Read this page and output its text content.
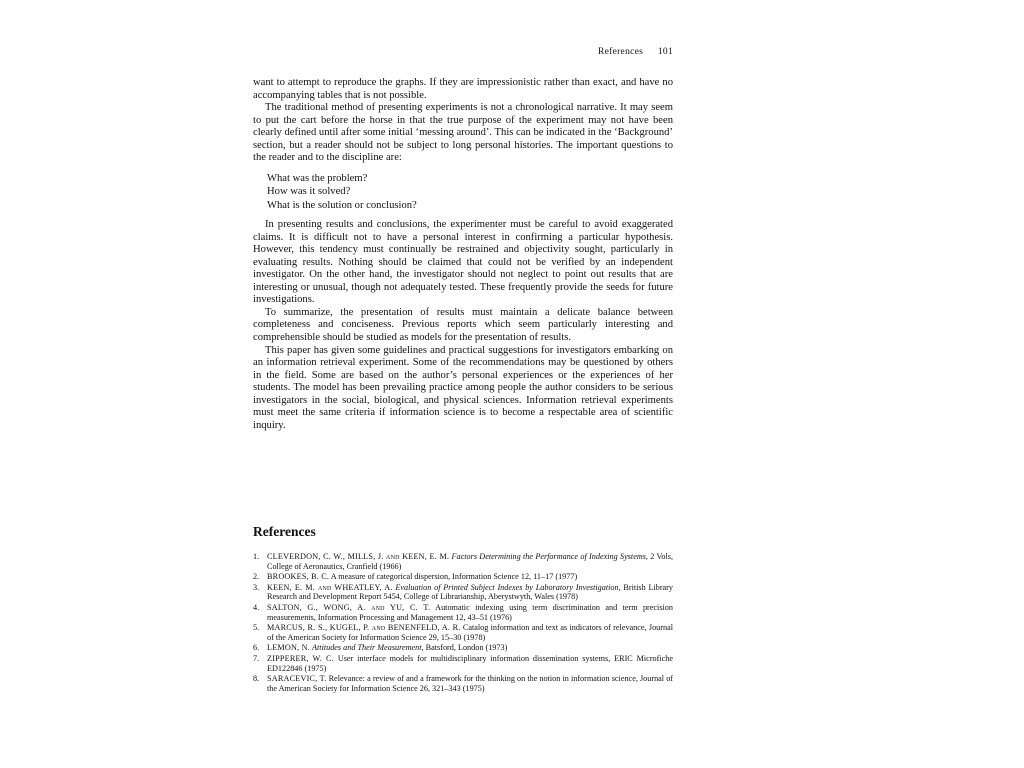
References 101

want to attempt to reproduce the graphs. If they are impressionistic rather than exact, and have no accompanying tables that is not possible.

The traditional method of presenting experiments is not a chronological narrative. It may seem to put the cart before the horse in that the true purpose of the experiment may not have been clearly defined until after some initial ‘messing around’. This can be indicated in the ‘Background’ section, but a reader should not be subject to long personal histories. The important questions to the reader and to the discipline are:

What was the problem?
How was it solved?
What is the solution or conclusion?

In presenting results and conclusions, the experimenter must be careful to avoid exaggerated claims. It is difficult not to have a personal interest in confirming a particular hypothesis. However, this tendency must continually be restrained and objectivity sought, particularly in evaluating results. Nothing should be claimed that could not be verified by an independent investigator. On the other hand, the investigator should not neglect to point out results that are interesting or unusual, though not adequately tested. These frequently provide the seeds for future investigations.

To summarize, the presentation of results must maintain a delicate balance between completeness and conciseness. Previous reports which seem particularly interesting and comprehensible should be studied as models for the presentation of results.

This paper has given some guidelines and practical suggestions for investigators embarking on an information retrieval experiment. Some of the recommendations may be questioned by others in the field. Some are based on the author’s personal experiences or the experiences of her students. The model has been prevailing practice among people the author considers to be serious investigators in the social, biological, and physical sciences. Information retrieval experiments must meet the same criteria if information science is to become a respectable area of scientific inquiry.

References
1. CLEVERDON, C. W., MILLS, J. and KEEN, E. M. Factors Determining the Performance of Indexing Systems, 2 Vols, College of Aeronautics, Cranfield (1966)
2. BROOKES, B. C. A measure of categorical dispersion, Information Science 12, 11–17 (1977)
3. KEEN, E. M. and WHEATLEY, A. Evaluation of Printed Subject Indexes by Laboratory Investigation, British Library Research and Development Report 5454, College of Librarianship, Aberystwyth, Wales (1978)
4. SALTON, G., WONG, A. and YU, C. T. Automatic indexing using term discrimination and term precision measurements, Information Processing and Management 12, 43–51 (1976)
5. MARCUS, R. S., KUGEL, P. and BENENFELD, A. R. Catalog information and text as indicators of relevance, Journal of the American Society for Information Science 29, 15–30 (1978)
6. LEMON, N. Attitudes and Their Measurement, Batsford, London (1973)
7. ZIPPERER, W. C. User interface models for multidisciplinary information dissemination systems, ERIC Microfiche ED122846 (1975)
8. SARACEVIC, T. Relevance: a review of and a framework for the thinking on the notion in information science, Journal of the American Society for Information Science 26, 321–343 (1975)
